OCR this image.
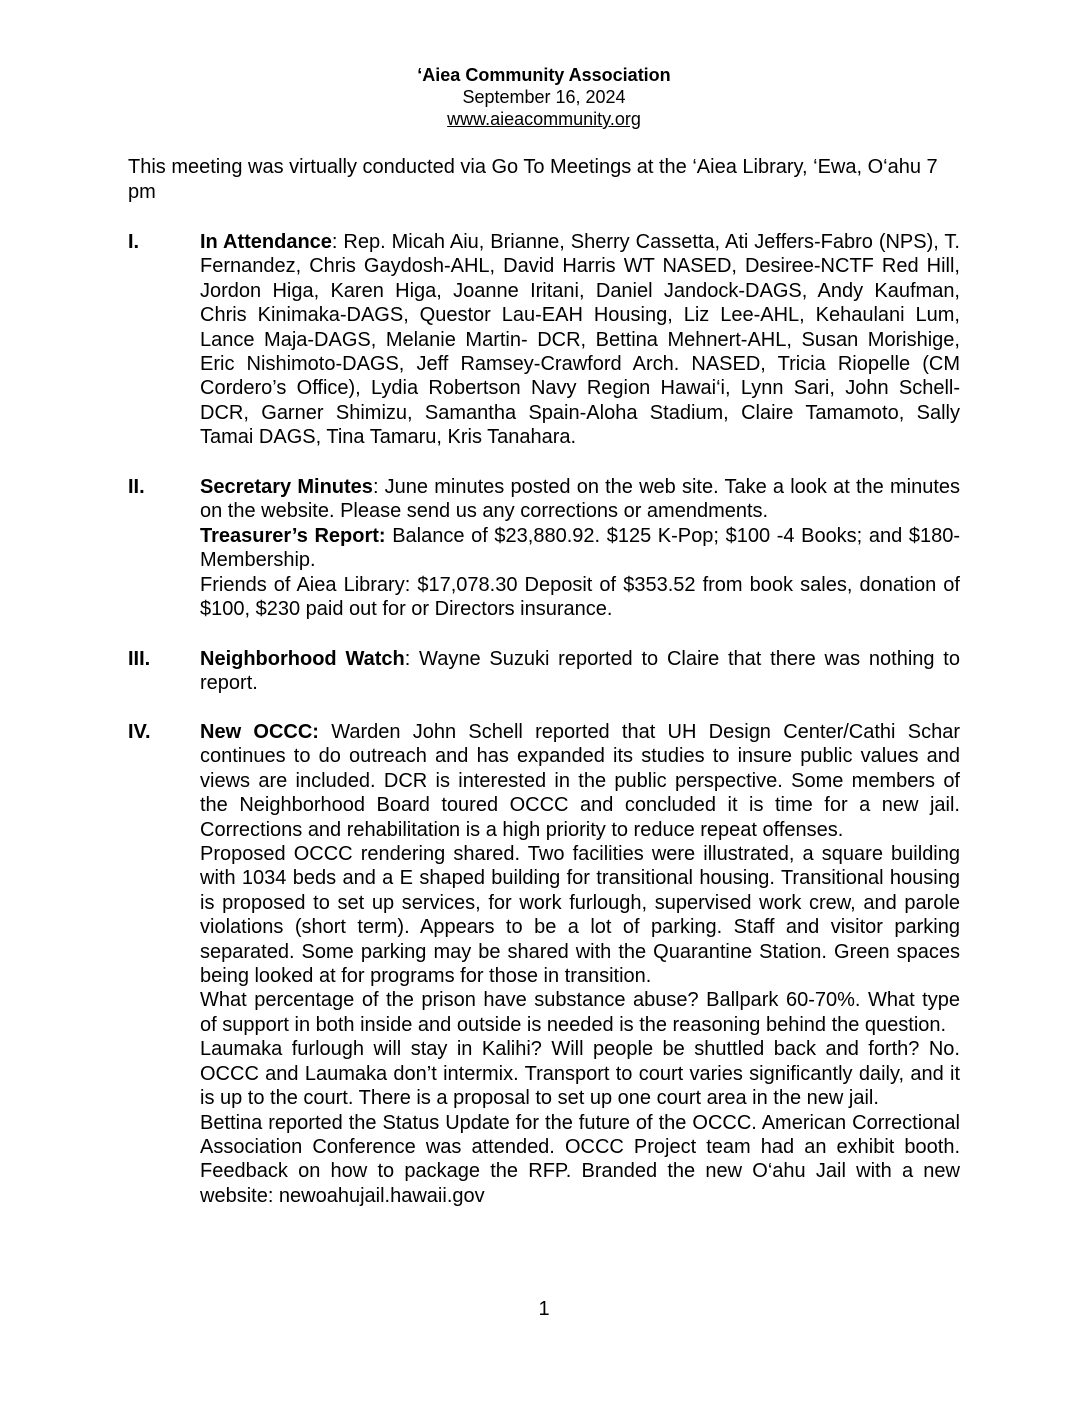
‘Aiea Community Association
September 16, 2024
www.aieacommunity.org
This meeting was virtually conducted via Go To Meetings at the ‘Aiea Library, ‘Ewa, O‘ahu 7 pm
I.	In Attendance: Rep. Micah Aiu, Brianne, Sherry Cassetta, Ati Jeffers-Fabro (NPS), T. Fernandez, Chris Gaydosh-AHL, David Harris WT NASED, Desiree-NCTF Red Hill, Jordon Higa, Karen Higa, Joanne Iritani, Daniel Jandock-DAGS, Andy Kaufman, Chris Kinimaka-DAGS, Questor Lau-EAH Housing, Liz Lee-AHL, Kehaulani Lum, Lance Maja-DAGS, Melanie Martin- DCR, Bettina Mehnert-AHL, Susan Morishige, Eric Nishimoto-DAGS, Jeff Ramsey-Crawford Arch. NASED, Tricia Riopelle (CM Cordero’s Office), Lydia Robertson Navy Region Hawai‘i, Lynn Sari, John Schell-DCR, Garner Shimizu, Samantha Spain-Aloha Stadium, Claire Tamamoto, Sally Tamai DAGS, Tina Tamaru, Kris Tanahara.

II.	Secretary Minutes: June minutes posted on the web site. Take a look at the minutes on the website. Please send us any corrections or amendments.

Treasurer’s Report: Balance of $23,880.92. $125 K-Pop; $100 -4 Books; and $180-Membership.

Friends of Aiea Library: $17,078.30 Deposit of $353.52 from book sales, donation of $100, $230 paid out for or Directors insurance.

III. Neighborhood Watch: Wayne Suzuki reported to Claire that there was nothing to report.

IV. New OCCC: Warden John Schell reported that UH Design Center/Cathi Schar continues to do outreach and has expanded its studies to insure public values and views are included. DCR is interested in the public perspective. Some members of the Neighborhood Board toured OCCC and concluded it is time for a new jail. Corrections and rehabilitation is a high priority to reduce repeat offenses.

Proposed OCCC rendering shared. Two facilities were illustrated, a square building with 1034 beds and a E shaped building for transitional housing. Transitional housing is proposed to set up services, for work furlough, supervised work crew, and parole violations (short term). Appears to be a lot of parking. Staff and visitor parking separated. Some parking may be shared with the Quarantine Station. Green spaces being looked at for programs for those in transition.

What percentage of the prison have substance abuse? Ballpark 60-70%. What type of support in both inside and outside is needed is the reasoning behind the question.

Laumaka furlough will stay in Kalihi? Will people be shuttled back and forth? No. OCCC and Laumaka don’t intermix. Transport to court varies significantly daily, and it is up to the court. There is a proposal to set up one court area in the new jail.

Bettina reported the Status Update for the future of the OCCC. American Correctional Association Conference was attended. OCCC Project team had an exhibit booth. Feedback on how to package the RFP. Branded the new O‘ahu Jail with a new website: newoahujail.hawaii.gov

1
